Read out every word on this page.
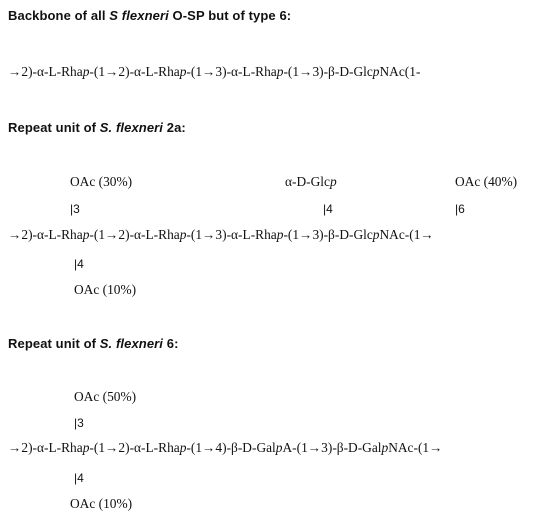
Backbone of all S flexneri O-SP but of type 6:
→2)-α-L-Rhap-(1→2)-α-L-Rhap-(1→3)-α-L-Rhap-(1→3)-β-D-GlcpNAc(1-
Repeat unit of S. flexneri 2a:
OAc (30%)
|3
α-D-Glcp
|4
OAc (40%)
|6
→2)-α-L-Rhap-(1→2)-α-L-Rhap-(1→3)-α-L-Rhap-(1→3)-β-D-GlcpNAc-(1→
|4
OAc (10%)
Repeat unit of S. flexneri 6:
OAc (50%)
|3
→2)-α-L-Rhap-(1→2)-α-L-Rhap-(1→4)-β-D-GalpA-(1→3)-β-D-GalpNAc-(1→
|4
OAc (10%)
